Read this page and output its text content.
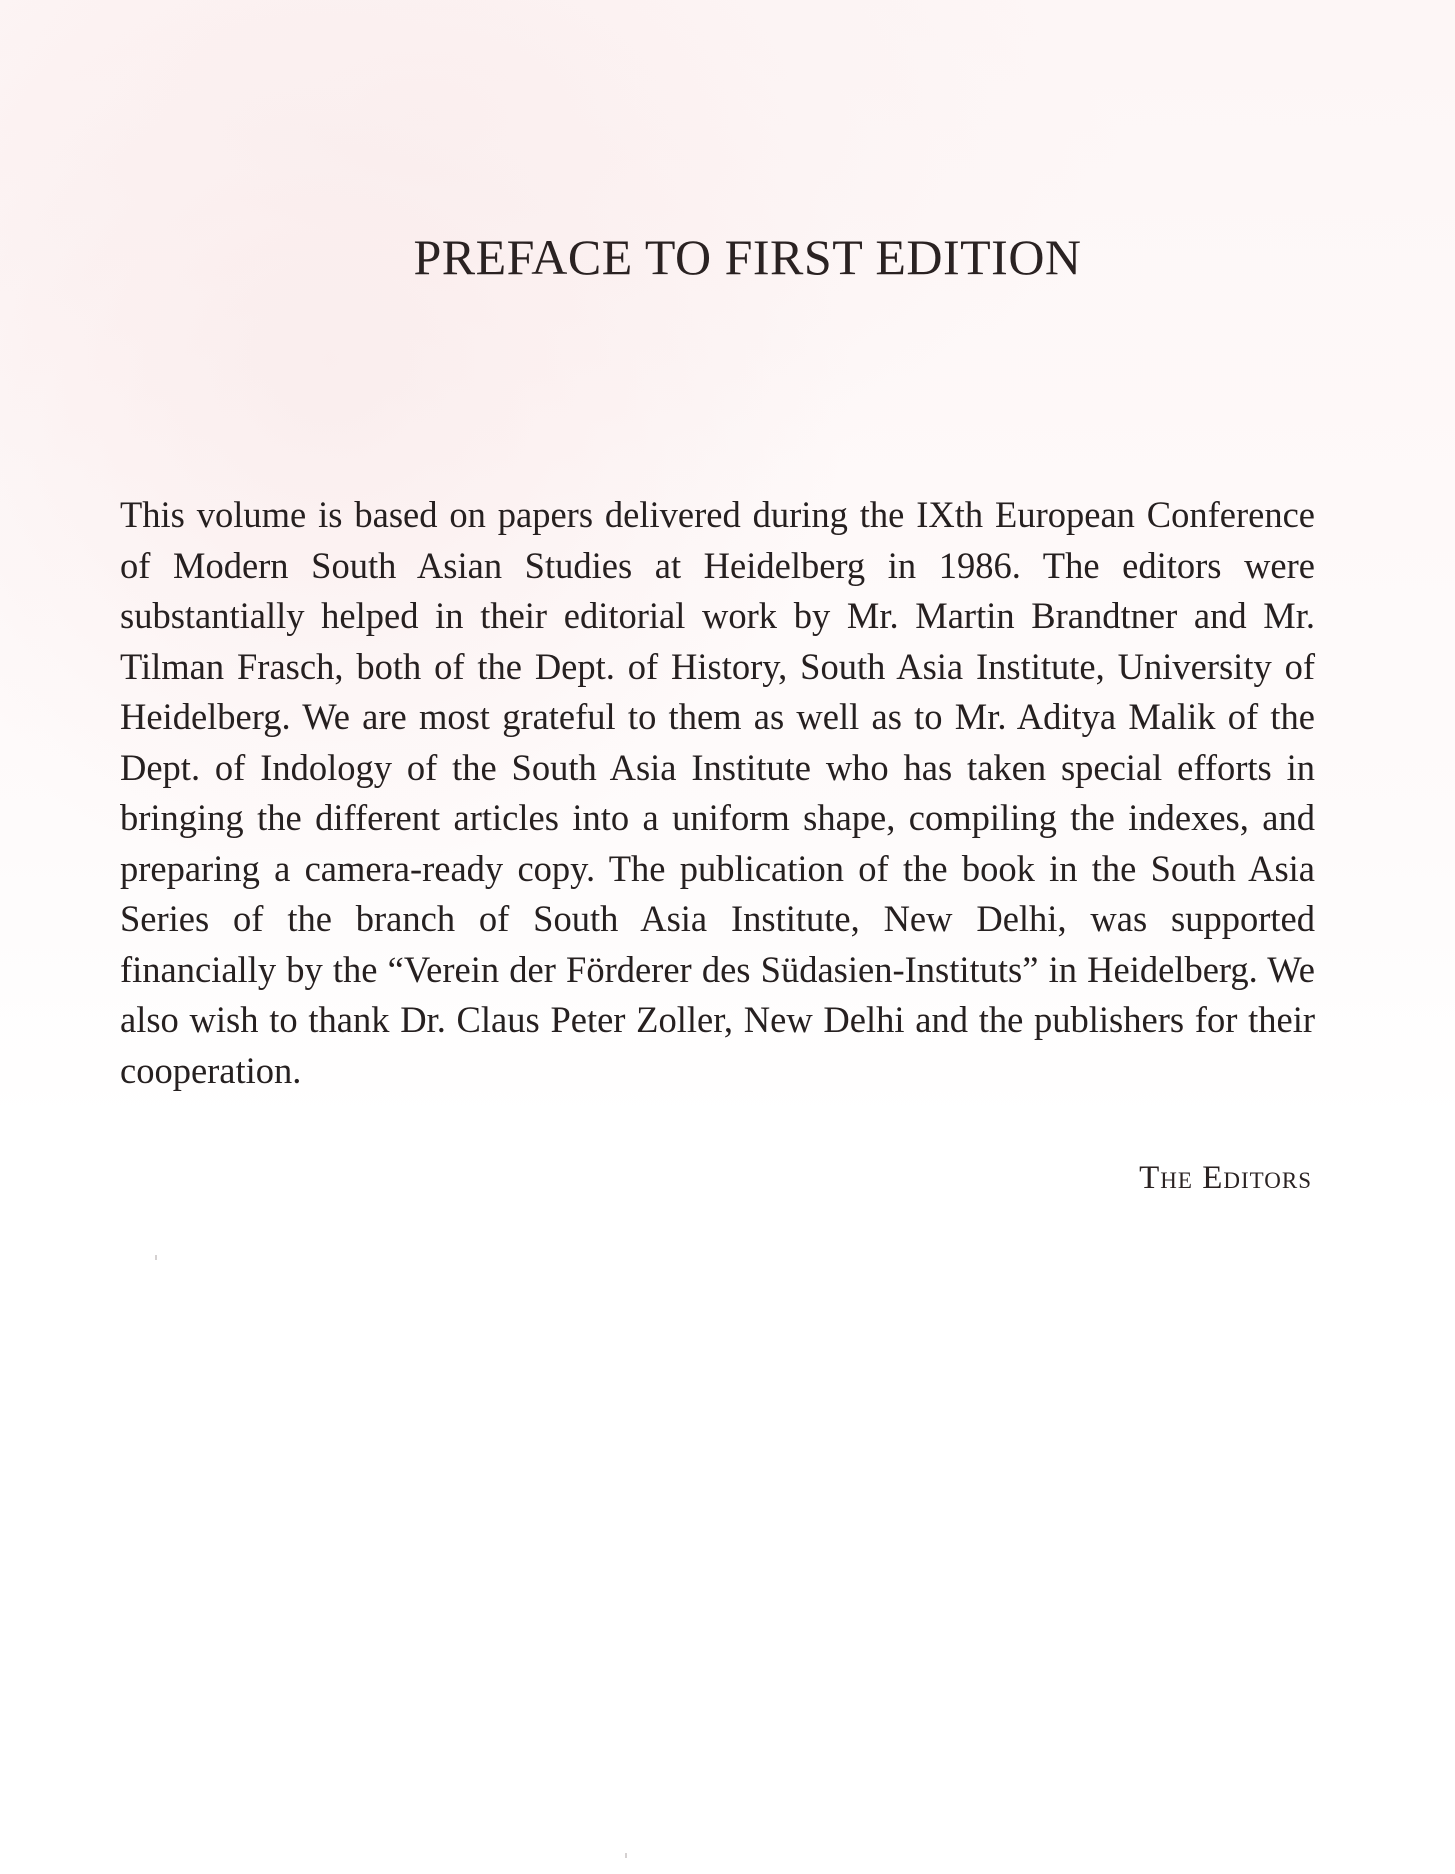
PREFACE TO FIRST EDITION

This volume is based on papers delivered during the IXth European Conference of Modern South Asian Studies at Heidelberg in 1986. The editors were substantially helped in their editorial work by Mr. Martin Brandtner and Mr. Tilman Frasch, both of the Dept. of History, South Asia Institute, University of Heidelberg. We are most grateful to them as well as to Mr. Aditya Malik of the Dept. of Indology of the South Asia Institute who has taken special efforts in bringing the different articles into a uniform shape, compiling the indexes, and preparing a camera-ready copy. The publication of the book in the South Asia Series of the branch of South Asia Institute, New Delhi, was supported financially by the “Verein der Förderer des Südasien-Instituts” in Heidelberg. We also wish to thank Dr. Claus Peter Zoller, New Delhi and the publishers for their cooperation.

The Editors
